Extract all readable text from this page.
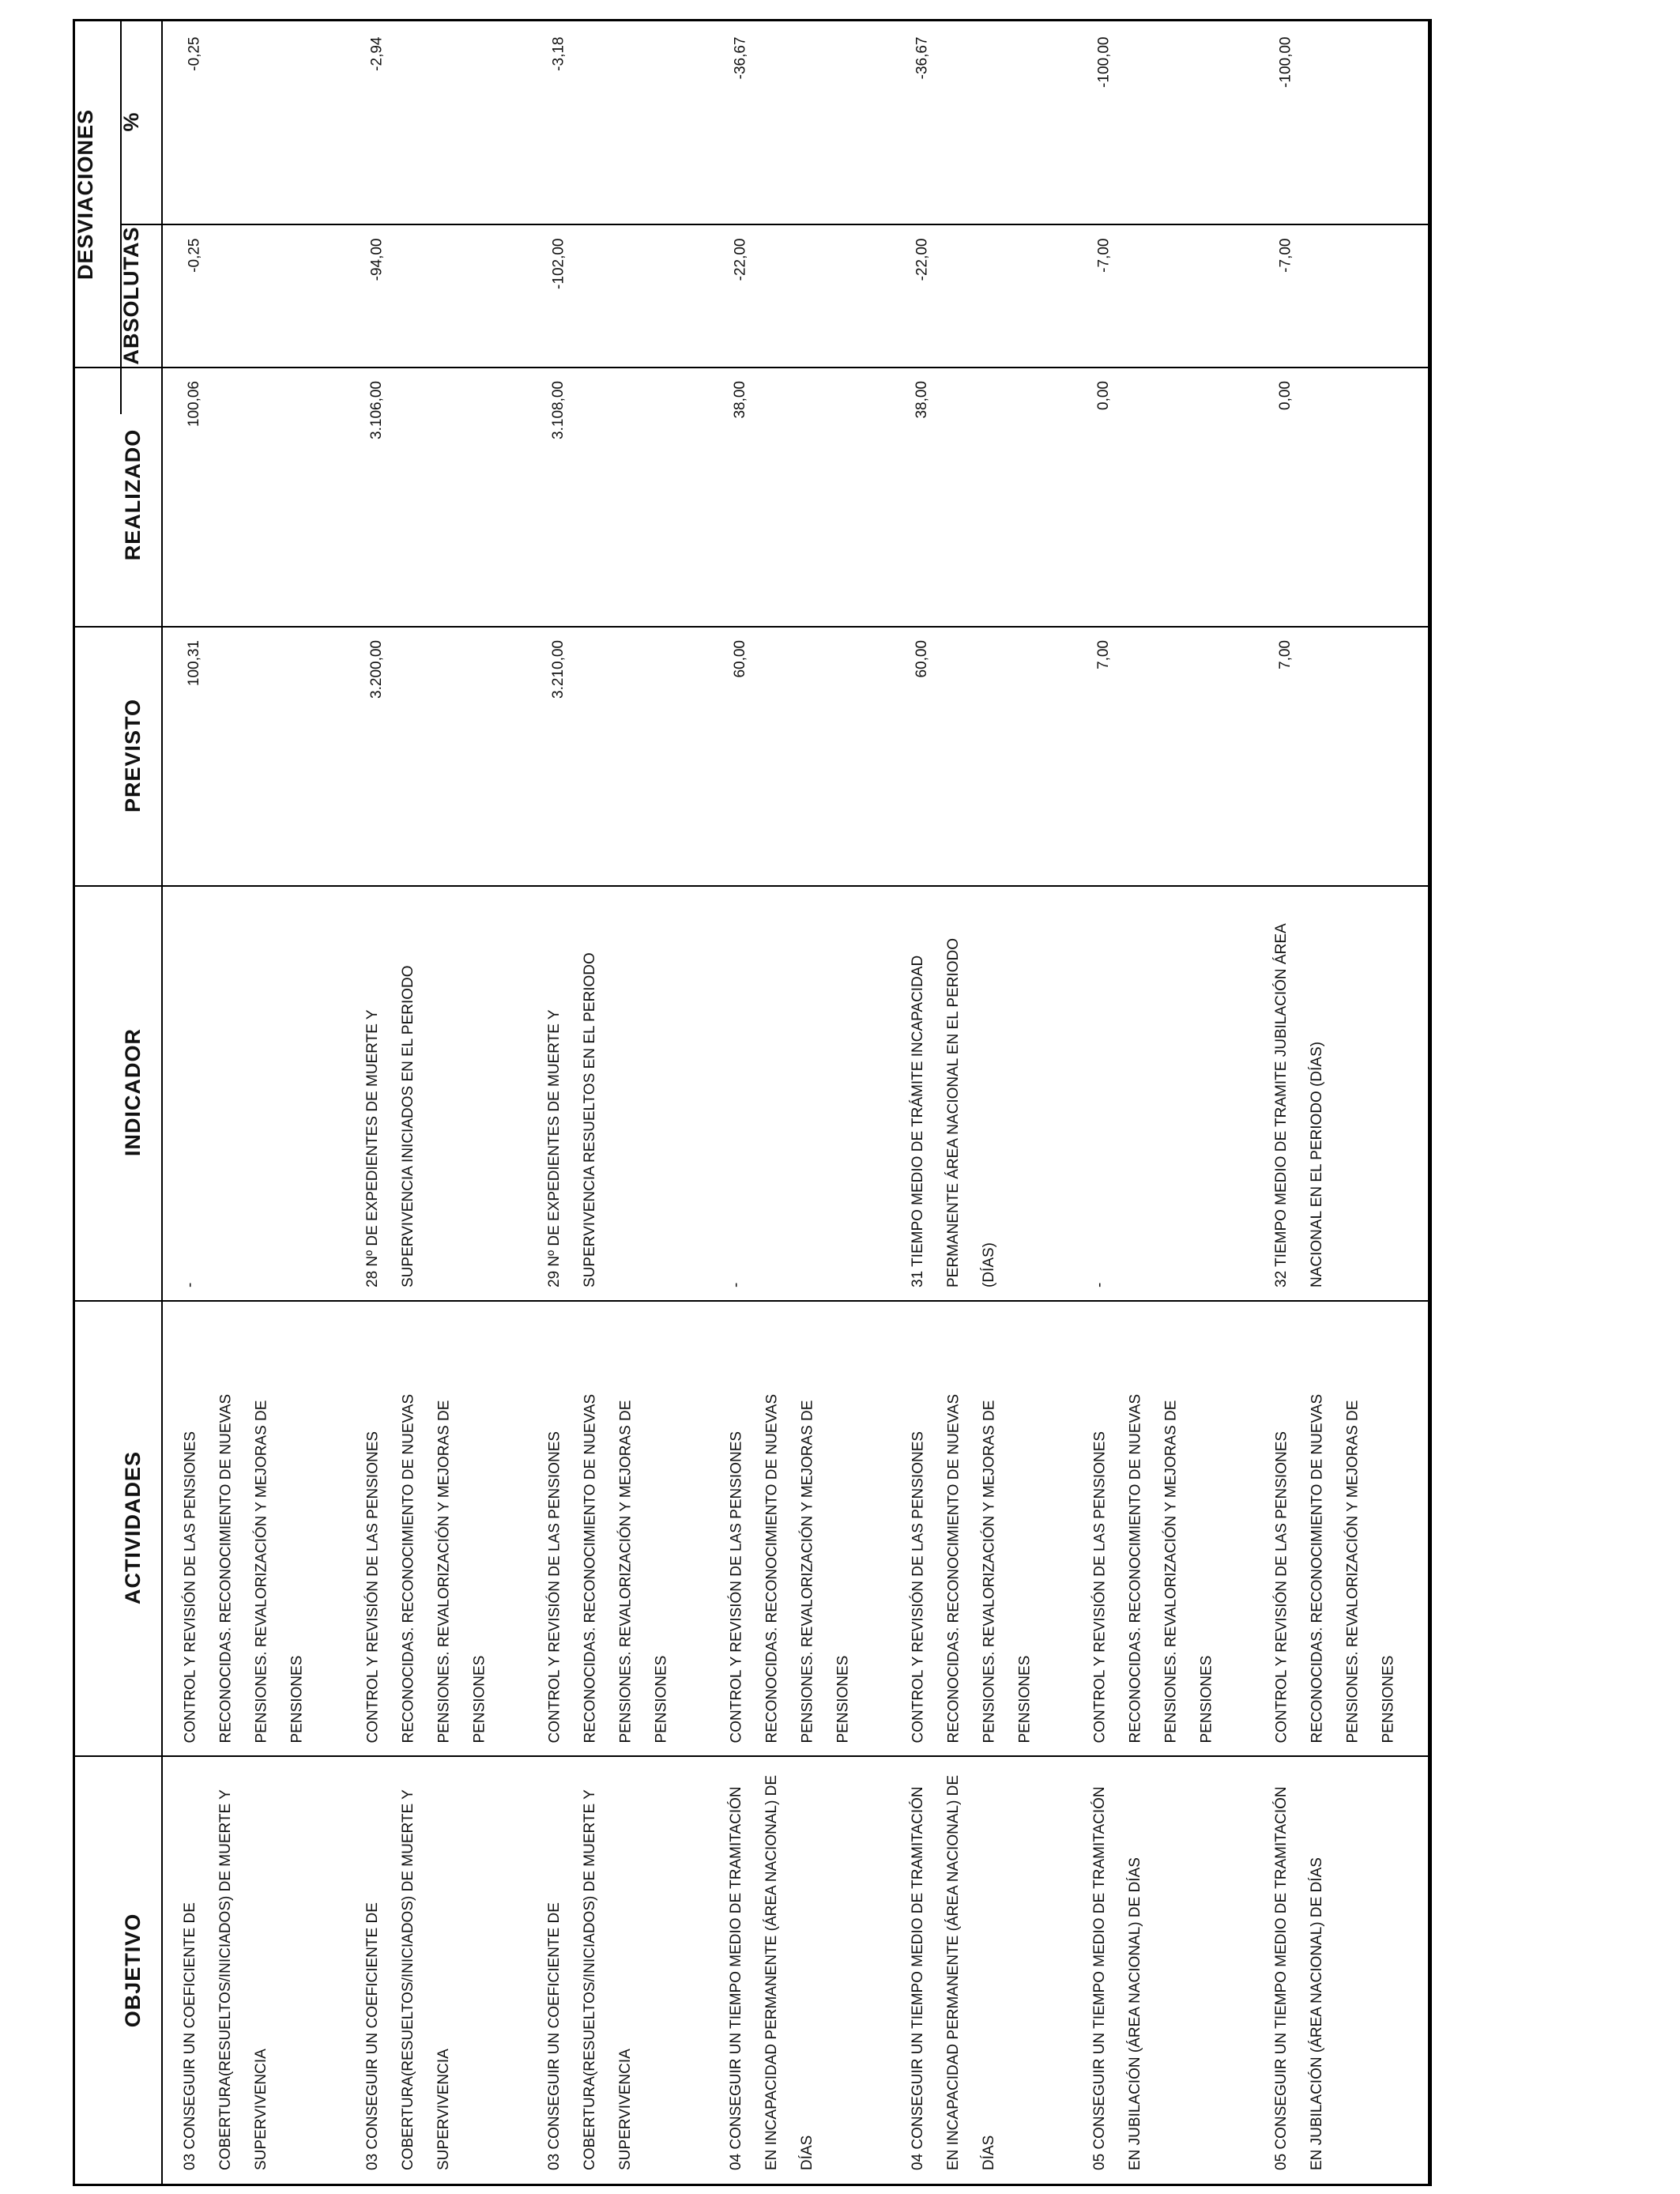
OBJETIVO
ACTIVIDADES
INDICADOR
PREVISTO
REALIZADO
DESVIACIONES
ABSOLUTAS
%
03 CONSEGUIR UN COEFICIENTE DE COBERTURA(RESUELTOS/INICIADOS) DE MUERTE Y SUPERVIVENCIA
CONTROL Y REVISIÓN DE LAS PENSIONES RECONOCIDAS. RECONOCIMIENTO DE NUEVAS PENSIONES. REVALORIZACIÓN Y MEJORAS DE PENSIONES
-
100,31
100,06
-0,25
-0,25
03 CONSEGUIR UN COEFICIENTE DE COBERTURA(RESUELTOS/INICIADOS) DE MUERTE Y SUPERVIVENCIA
CONTROL Y REVISIÓN DE LAS PENSIONES RECONOCIDAS. RECONOCIMIENTO DE NUEVAS PENSIONES. REVALORIZACIÓN Y MEJORAS DE PENSIONES
28 Nº DE EXPEDIENTES DE MUERTE Y SUPERVIVENCIA INICIADOS EN EL PERIODO
3.200,00
3.106,00
-94,00
-2,94
03 CONSEGUIR UN COEFICIENTE DE COBERTURA(RESUELTOS/INICIADOS) DE MUERTE Y SUPERVIVENCIA
CONTROL Y REVISIÓN DE LAS PENSIONES RECONOCIDAS. RECONOCIMIENTO DE NUEVAS PENSIONES. REVALORIZACIÓN Y MEJORAS DE PENSIONES
29 Nº DE EXPEDIENTES DE MUERTE Y SUPERVIVENCIA RESUELTOS EN EL PERIODO
3.210,00
3.108,00
-102,00
-3,18
04 CONSEGUIR UN TIEMPO MEDIO DE TRAMITACIÓN EN INCAPACIDAD PERMANENTE (ÁREA NACIONAL) DE DÍAS
CONTROL Y REVISIÓN DE LAS PENSIONES RECONOCIDAS. RECONOCIMIENTO DE NUEVAS PENSIONES. REVALORIZACIÓN Y MEJORAS DE PENSIONES
-
60,00
38,00
-22,00
-36,67
04 CONSEGUIR UN TIEMPO MEDIO DE TRAMITACIÓN EN INCAPACIDAD PERMANENTE (ÁREA NACIONAL) DE DÍAS
CONTROL Y REVISIÓN DE LAS PENSIONES RECONOCIDAS. RECONOCIMIENTO DE NUEVAS PENSIONES. REVALORIZACIÓN Y MEJORAS DE PENSIONES
31 TIEMPO MEDIO DE TRÁMITE INCAPACIDAD PERMANENTE ÁREA NACIONAL EN EL PERIODO (DÍAS)
60,00
38,00
-22,00
-36,67
05 CONSEGUIR UN TIEMPO MEDIO DE TRAMITACIÓN EN JUBILACIÓN (ÁREA NACIONAL) DE DÍAS
CONTROL Y REVISIÓN DE LAS PENSIONES RECONOCIDAS. RECONOCIMIENTO DE NUEVAS PENSIONES. REVALORIZACIÓN Y MEJORAS DE PENSIONES
-
7,00
0,00
-7,00
-100,00
05 CONSEGUIR UN TIEMPO MEDIO DE TRAMITACIÓN EN JUBILACIÓN (ÁREA NACIONAL) DE DÍAS
CONTROL Y REVISIÓN DE LAS PENSIONES RECONOCIDAS. RECONOCIMIENTO DE NUEVAS PENSIONES. REVALORIZACIÓN Y MEJORAS DE PENSIONES
32 TIEMPO MEDIO DE TRAMITE JUBILACIÓN ÁREA NACIONAL EN EL PERIODO (DÍAS)
7,00
0,00
-7,00
-100,00
